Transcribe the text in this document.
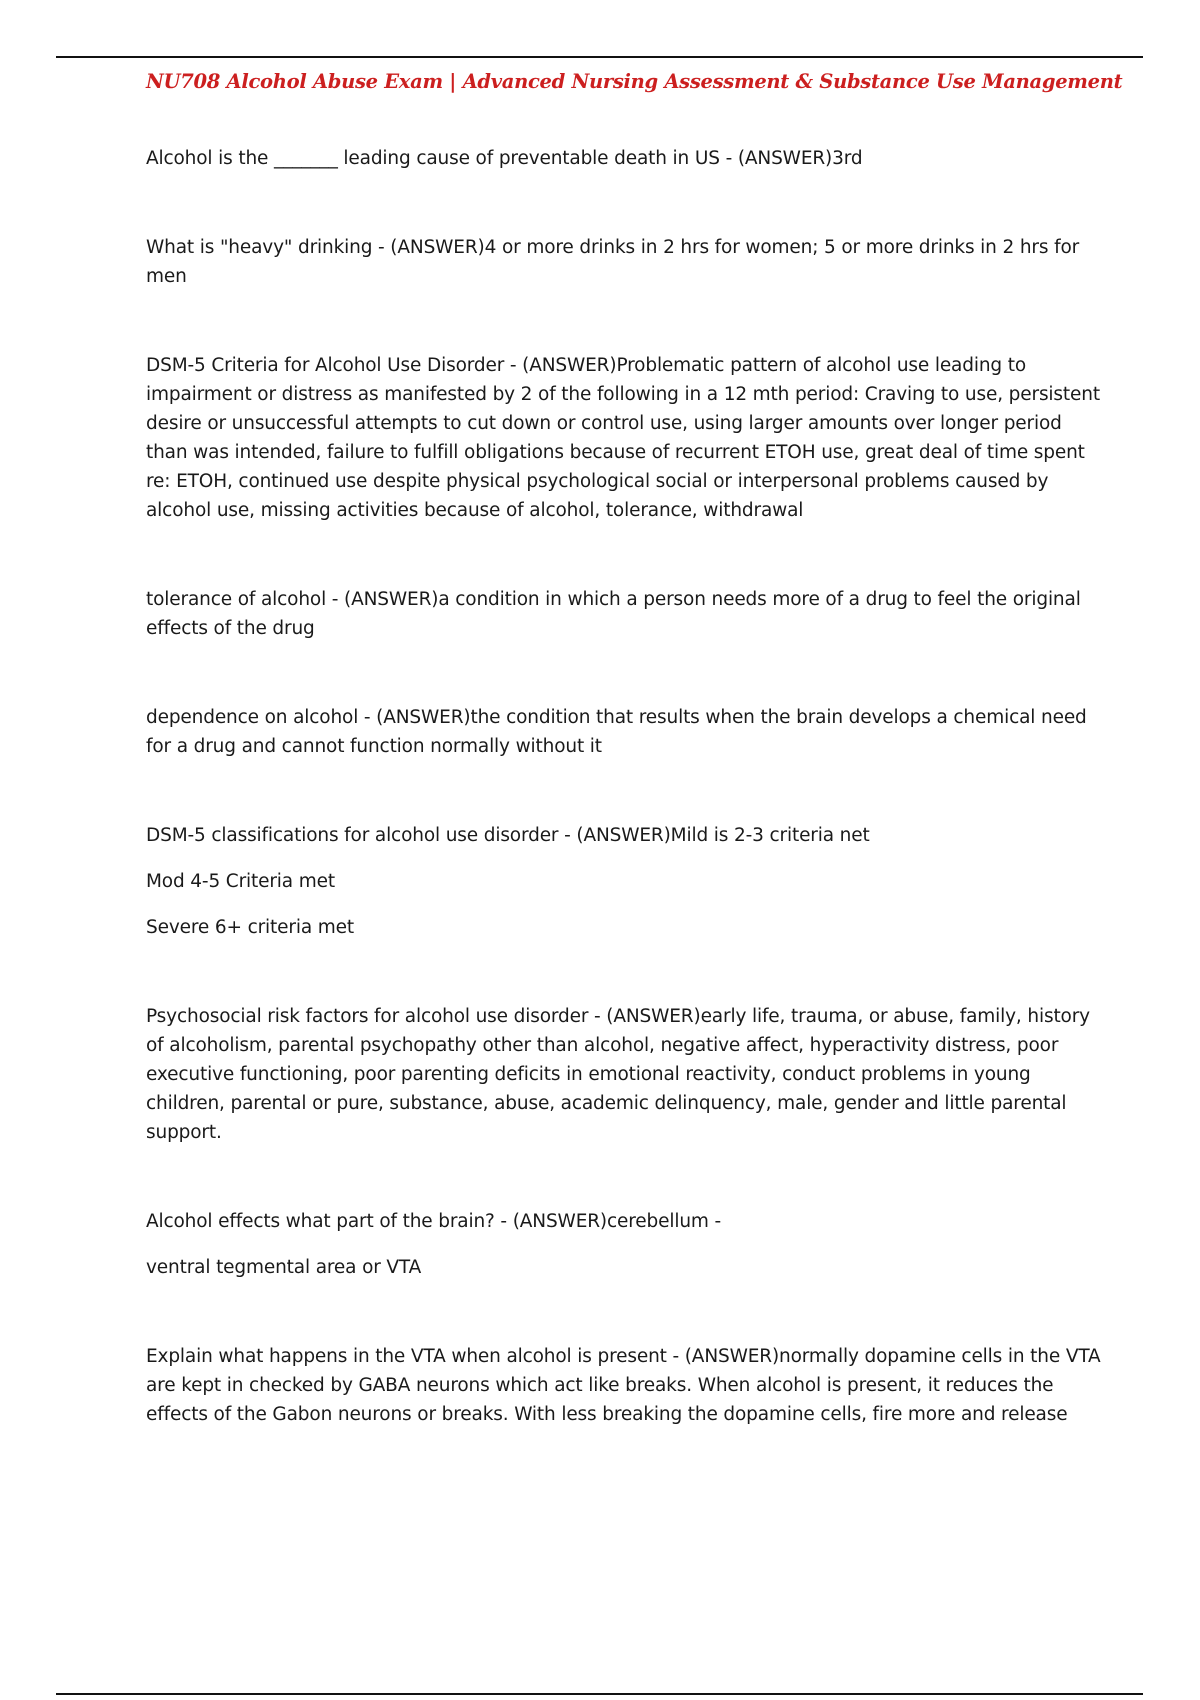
NU708 Alcohol Abuse Exam | Advanced Nursing Assessment & Substance Use Management

Alcohol is the _______ leading cause of preventable death in US - (ANSWER)3rd

What is "heavy" drinking - (ANSWER)4 or more drinks in 2 hrs for women; 5 or more drinks in 2 hrs for men

DSM-5 Criteria for Alcohol Use Disorder - (ANSWER)Problematic pattern of alcohol use leading to impairment or distress as manifested by 2 of the following in a 12 mth period: Craving to use, persistent desire or unsuccessful attempts to cut down or control use, using larger amounts over longer period than was intended, failure to fulfill obligations because of recurrent ETOH use, great deal of time spent re: ETOH, continued use despite physical psychological social or interpersonal problems caused by alcohol use, missing activities because of alcohol, tolerance, withdrawal

tolerance of alcohol - (ANSWER)a condition in which a person needs more of a drug to feel the original effects of the drug

dependence on alcohol - (ANSWER)the condition that results when the brain develops a chemical need for a drug and cannot function normally without it

DSM-5 classifications for alcohol use disorder - (ANSWER)Mild is 2-3 criteria net

Mod 4-5 Criteria met

Severe 6+ criteria met

Psychosocial risk factors for alcohol use disorder - (ANSWER)early life, trauma, or abuse, family, history of alcoholism, parental psychopathy other than alcohol, negative affect, hyperactivity distress, poor executive functioning, poor parenting deficits in emotional reactivity, conduct problems in young children, parental or pure, substance, abuse, academic delinquency, male, gender and little parental support.

Alcohol effects what part of the brain? - (ANSWER)cerebellum -

ventral tegmental area or VTA

Explain what happens in the VTA when alcohol is present - (ANSWER)normally dopamine cells in the VTA are kept in checked by GABA neurons which act like breaks. When alcohol is present, it reduces the effects of the Gabon neurons or breaks. With less breaking the dopamine cells, fire more and release
